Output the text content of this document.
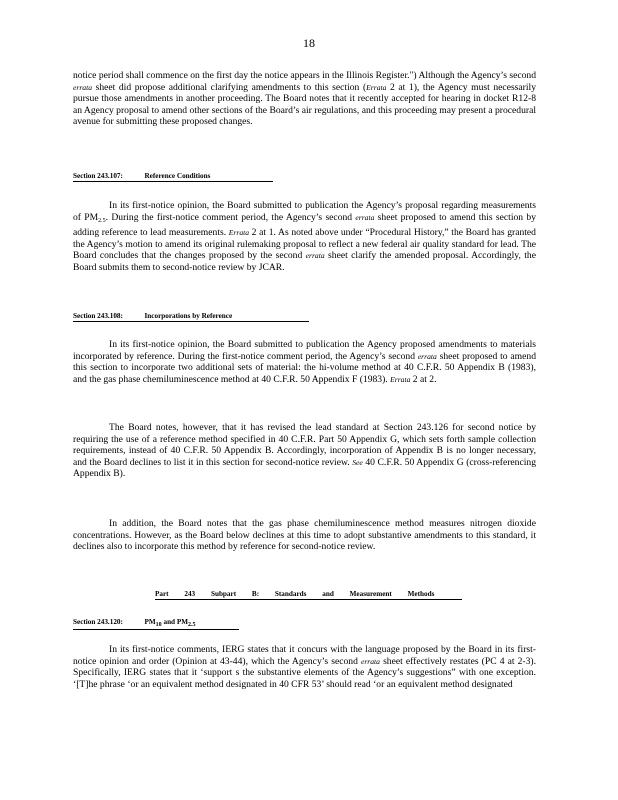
18

notice period shall commence on the first day the notice appears in the Illinois Register.") Although the Agency’s second errata sheet did propose additional clarifying amendments to this section (Errata 2 at 1), the Agency must necessarily pursue those amendments in another proceeding. The Board notes that it recently accepted for hearing in docket R12-8 an Agency proposal to amend other sections of the Board’s air regulations, and this proceeding may present a procedural avenue for submitting these proposed changes.

Section 243.107:	Reference Conditions

In its first-notice opinion, the Board submitted to publication the Agency’s proposal regarding measurements of $PM_{2.5}$. During the first-notice comment period, the Agency’s second errata sheet proposed to amend this section by adding reference to lead measurements. Errata 2 at 1. As noted above under “Procedural History,” the Board has granted the Agency’s motion to amend its original rulemaking proposal to reflect a new federal air quality standard for lead. The Board concludes that the changes proposed by the second errata sheet clarify the amended proposal. Accordingly, the Board submits them to second-notice review by JCAR.

Section 243.108:	Incorporations by Reference

In its first-notice opinion, the Board submitted to publication the Agency proposed amendments to materials incorporated by reference. During the first-notice comment period, the Agency’s second errata sheet proposed to amend this section to incorporate two additional sets of material: the hi-volume method at 40 C.F.R. 50 Appendix B (1983), and the gas phase chemiluminescence method at 40 C.F.R. 50 Appendix F (1983). Errata 2 at 2.

The Board notes, however, that it has revised the lead standard at Section 243.126 for second notice by requiring the use of a reference method specified in 40 C.F.R. Part 50 Appendix G, which sets forth sample collection requirements, instead of 40 C.F.R. 50 Appendix B. Accordingly, incorporation of Appendix B is no longer necessary, and the Board declines to list it in this section for second-notice review. See 40 C.F.R. 50 Appendix G (cross-referencing Appendix B).

In addition, the Board notes that the gas phase chemiluminescence method measures nitrogen dioxide concentrations. However, as the Board below declines at this time to adopt substantive amendments to this standard, it declines also to incorporate this method by reference for second-notice review.

Part 243 Subpart B: Standards and Measurement Methods
Section 243.120:	$PM_{10}$ and $PM_{2.5}$

In its first-notice comments, IERG states that it concurs with the language proposed by the Board in its first-notice opinion and order (Opinion at 43-44), which the Agency’s second errata sheet effectively restates (PC 4 at 2-3). Specifically, IERG states that it ‘support s the substantive elements of the Agency’s suggestions” with one exception. ‘[T]he phrase ‘or an equivalent method designated in 40 CFR 53’ should read ‘or an equivalent method designated
